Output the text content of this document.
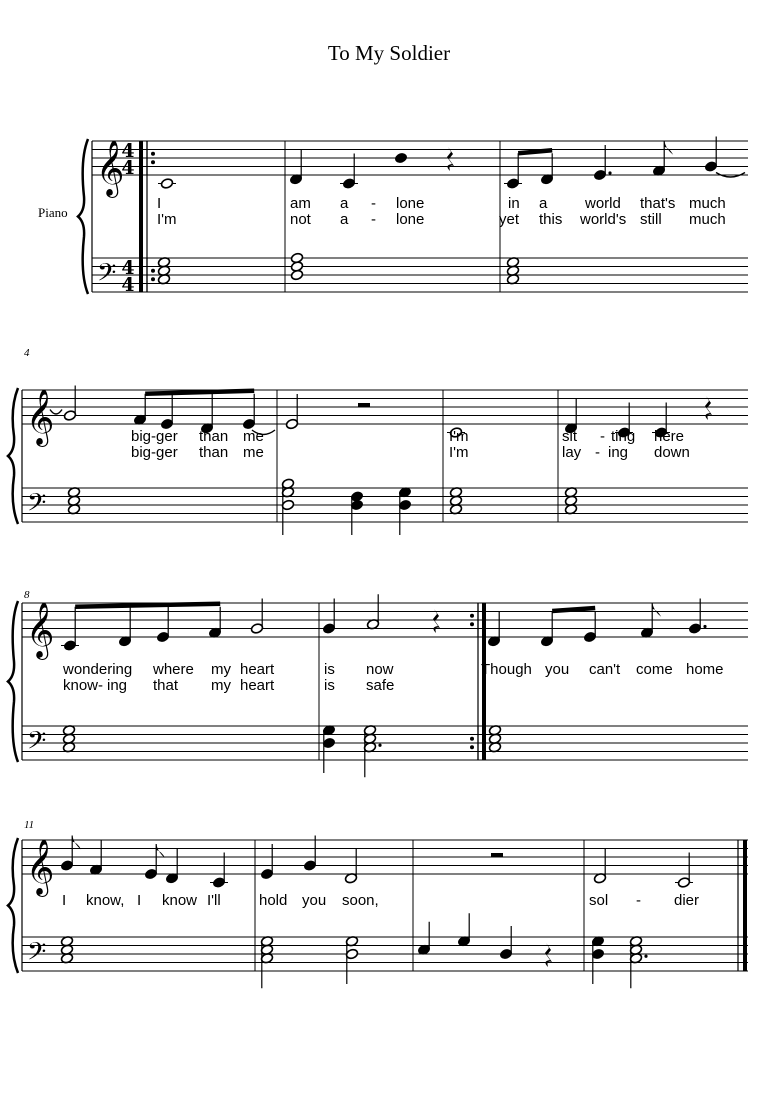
To My Soldier
Piano
4
8
11
𝄞
𝄢
4
4
4
4
I	am a - lone	in a	world that's much
I'm	not a - lone	yet this world's still much
𝄞
𝄢
big-ger than me	I'm	sit - ting here
big-ger than me	I'm	lay - ing down
𝄞
𝄢
wondering where my heart	is now	Though you can't come home
know- ing that my heart	is safe
𝄞
𝄢
I know, I know I'll	hold you soon,	sol - dier
